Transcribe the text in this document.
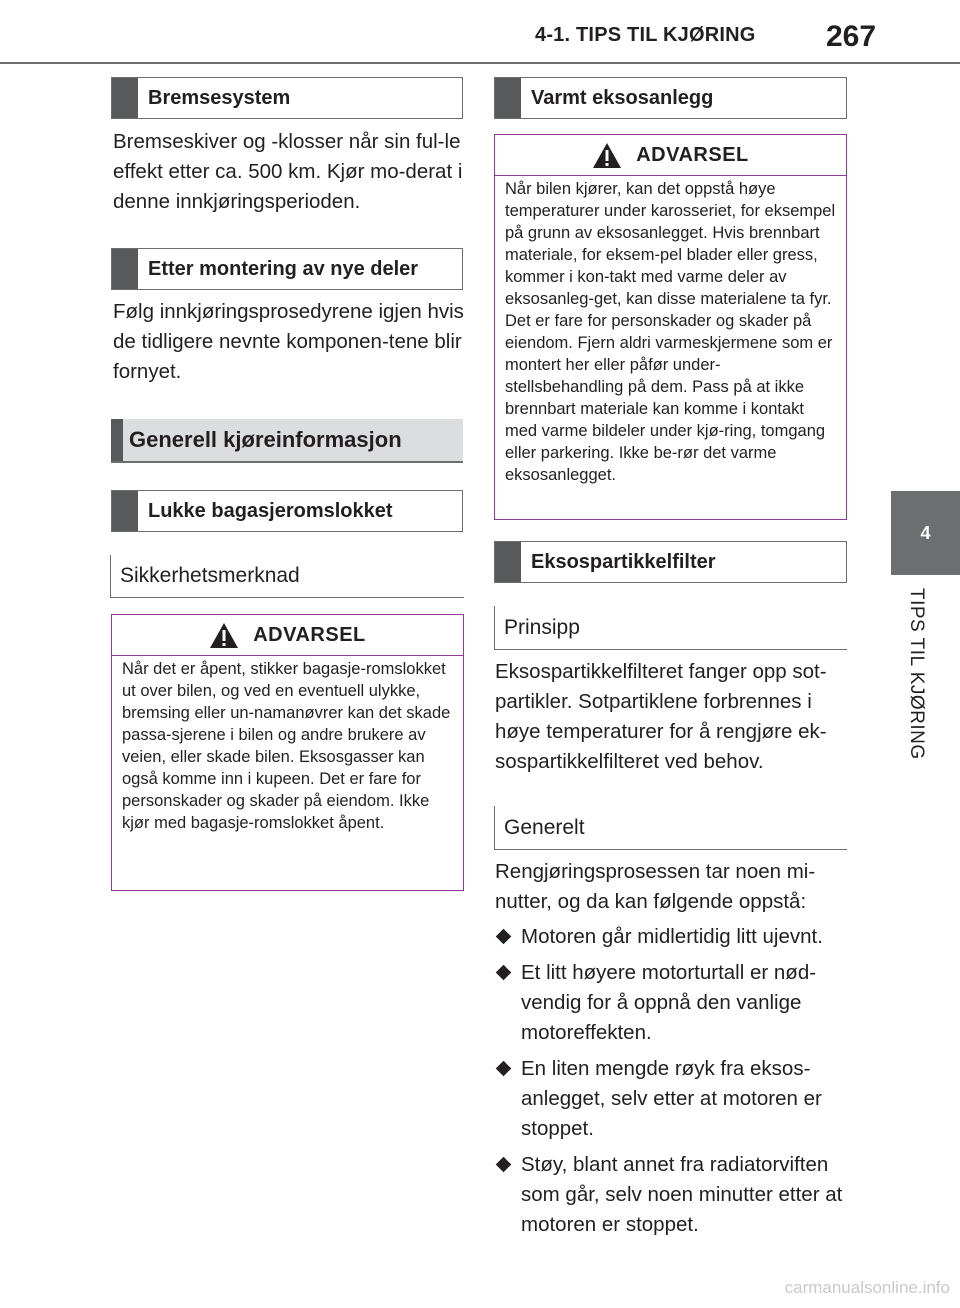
4-1. TIPS TIL KJØRING 267
4
TIPS TIL KJØRING
Bremsesystem

Bremseskiver og -klosser når sin ful-le effekt etter ca. 500 km. Kjør mo-derat i denne innkjøringsperioden.

Etter montering av nye deler

Følg innkjøringsprosedyrene igjen hvis de tidligere nevnte komponen-tene blir fornyet.

Generell kjøreinformasjon
Lukke bagasjeromslokket
Sikkerhetsmerknad
ADVARSEL

Når det er åpent, stikker bagasje-romslokket ut over bilen, og ved en eventuell ulykke, bremsing eller un-namanøvrer kan det skade passa-sjerene i bilen og andre brukere av veien, eller skade bilen. Eksosgasser kan også komme inn i kupeen. Det er fare for personskader og skader på eiendom. Ikke kjør med bagasje-romslokket åpent.

Varmt eksosanlegg
ADVARSEL

Når bilen kjører, kan det oppstå høye temperaturer under karosseriet, for eksempel på grunn av eksosanlegget. Hvis brennbart materiale, for eksem-pel blader eller gress, kommer i kon-takt med varme deler av eksosanleg-get, kan disse materialene ta fyr. Det er fare for personskader og skader på eiendom. Fjern aldri varmeskjermene som er montert her eller påfør under-stellsbehandling på dem. Pass på at ikke brennbart materiale kan komme i kontakt med varme bildeler under kjø-ring, tomgang eller parkering. Ikke be-rør det varme eksosanlegget.

Eksospartikkelfilter
Prinsipp

Eksospartikkelfilteret fanger opp sot-partikler. Sotpartiklene forbrennes i høye temperaturer for å rengjøre ek-sospartikkelfilteret ved behov.

Generelt

Rengjøringsprosessen tar noen mi-nutter, og da kan følgende oppstå:

Motoren går midlertidig litt ujevnt.
Et litt høyere motorturtall er nød-vendig for å oppnå den vanlige motoreffekten.
En liten mengde røyk fra eksos-anlegget, selv etter at motoren er stoppet.
Støy, blant annet fra radiatorviften som går, selv noen minutter etter at motoren er stoppet.
carmanualsonline.info
